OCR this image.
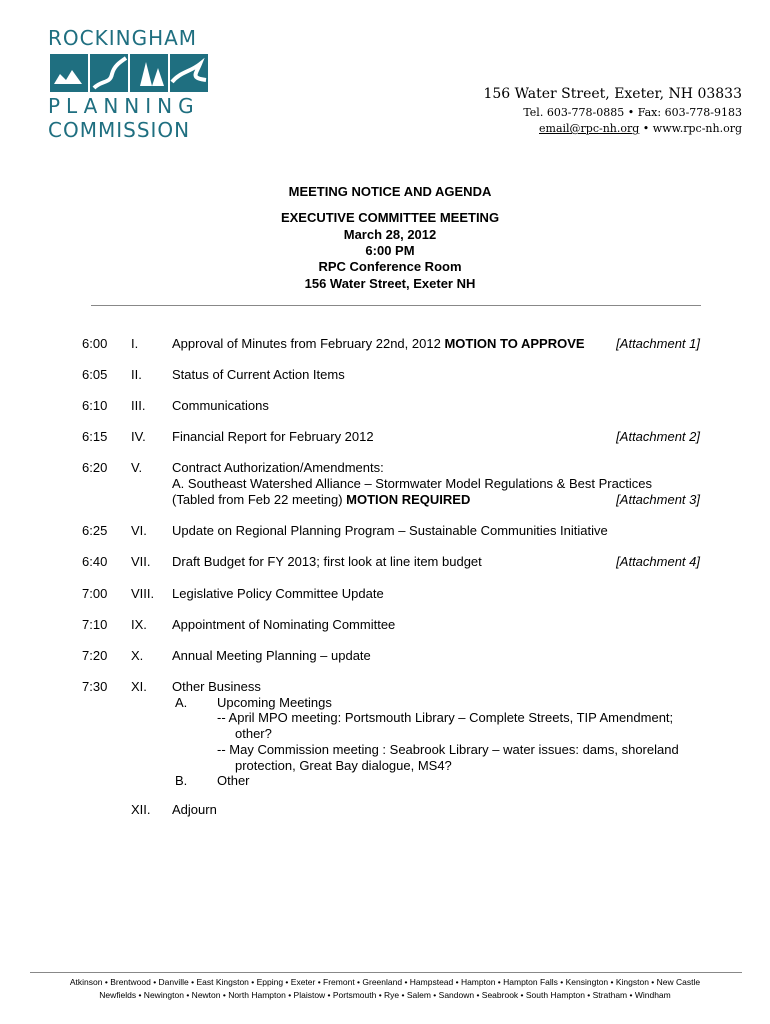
ROCKINGHAM
PLANNING
COMMISSION
156 Water Street, Exeter, NH 03833
Tel. 603-778-0885 • Fax: 603-778-9183
email@rpc-nh.org • www.rpc-nh.org
MEETING NOTICE AND AGENDA
EXECUTIVE COMMITTEE MEETING
March 28, 2012
6:00 PM
RPC Conference Room
156 Water Street, Exeter NH
6:00 I.	Approval of Minutes from February 22nd, 2012 MOTION TO APPROVE [Attachment 1]
6:05 II. Status of Current Action Items
6:10 III. Communications
6:15 IV. Financial Report for February 2012	[Attachment 2]
6:20 V. Contract Authorization/Amendments:
A. Southeast Watershed Alliance – Stormwater Model Regulations & Best Practices
(Tabled from Feb 22 meeting) MOTION REQUIRED	[Attachment 3]
6:25 VI. Update on Regional Planning Program – Sustainable Communities Initiative
6:40 VII. Draft Budget for FY 2013; first look at line item budget	[Attachment 4]
7:00 VIII. Legislative Policy Committee Update
7:10 IX. Appointment of Nominating Committee
7:20 X. Annual Meeting Planning – update
7:30 XI. Other Business
A. Upcoming Meetings
-- April MPO meeting: Portsmouth Library – Complete Streets, TIP Amendment;
other?
-- May Commission meeting : Seabrook Library – water issues: dams, shoreland
protection, Great Bay dialogue, MS4?
B. Other
XII. Adjourn
Atkinson • Brentwood • Danville • East Kingston • Epping • Exeter • Fremont • Greenland • Hampstead • Hampton • Hampton Falls • Kensington • Kingston • New Castle
Newfields • Newington • Newton • North Hampton • Plaistow • Portsmouth • Rye • Salem • Sandown • Seabrook • South Hampton • Stratham • Windham
